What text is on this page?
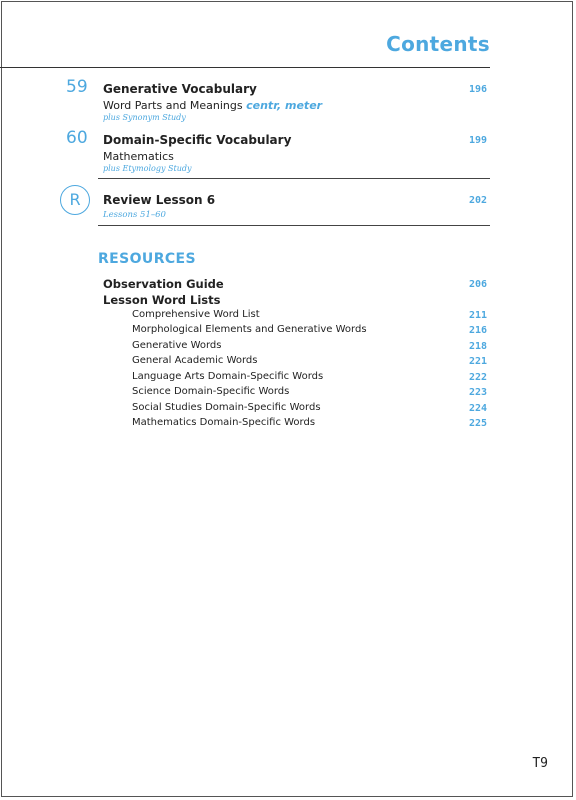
Contents
59 Generative Vocabulary	196
Word Parts and Meanings centr, meter
plus Synonym Study
60 Domain-Specific Vocabulary	199
Mathematics
plus Etymology Study
R	Review Lesson 6	202
Lessons 51–60
RESOURCES
Observation Guide	206
Lesson Word Lists
Comprehensive Word List	211
Morphological Elements and Generative Words	216
Generative Words	218
General Academic Words	221
Language Arts Domain-Specific Words	222
Science Domain-Specific Words	223
Social Studies Domain-Specific Words	224
Mathematics Domain-Specific Words	225
T9
